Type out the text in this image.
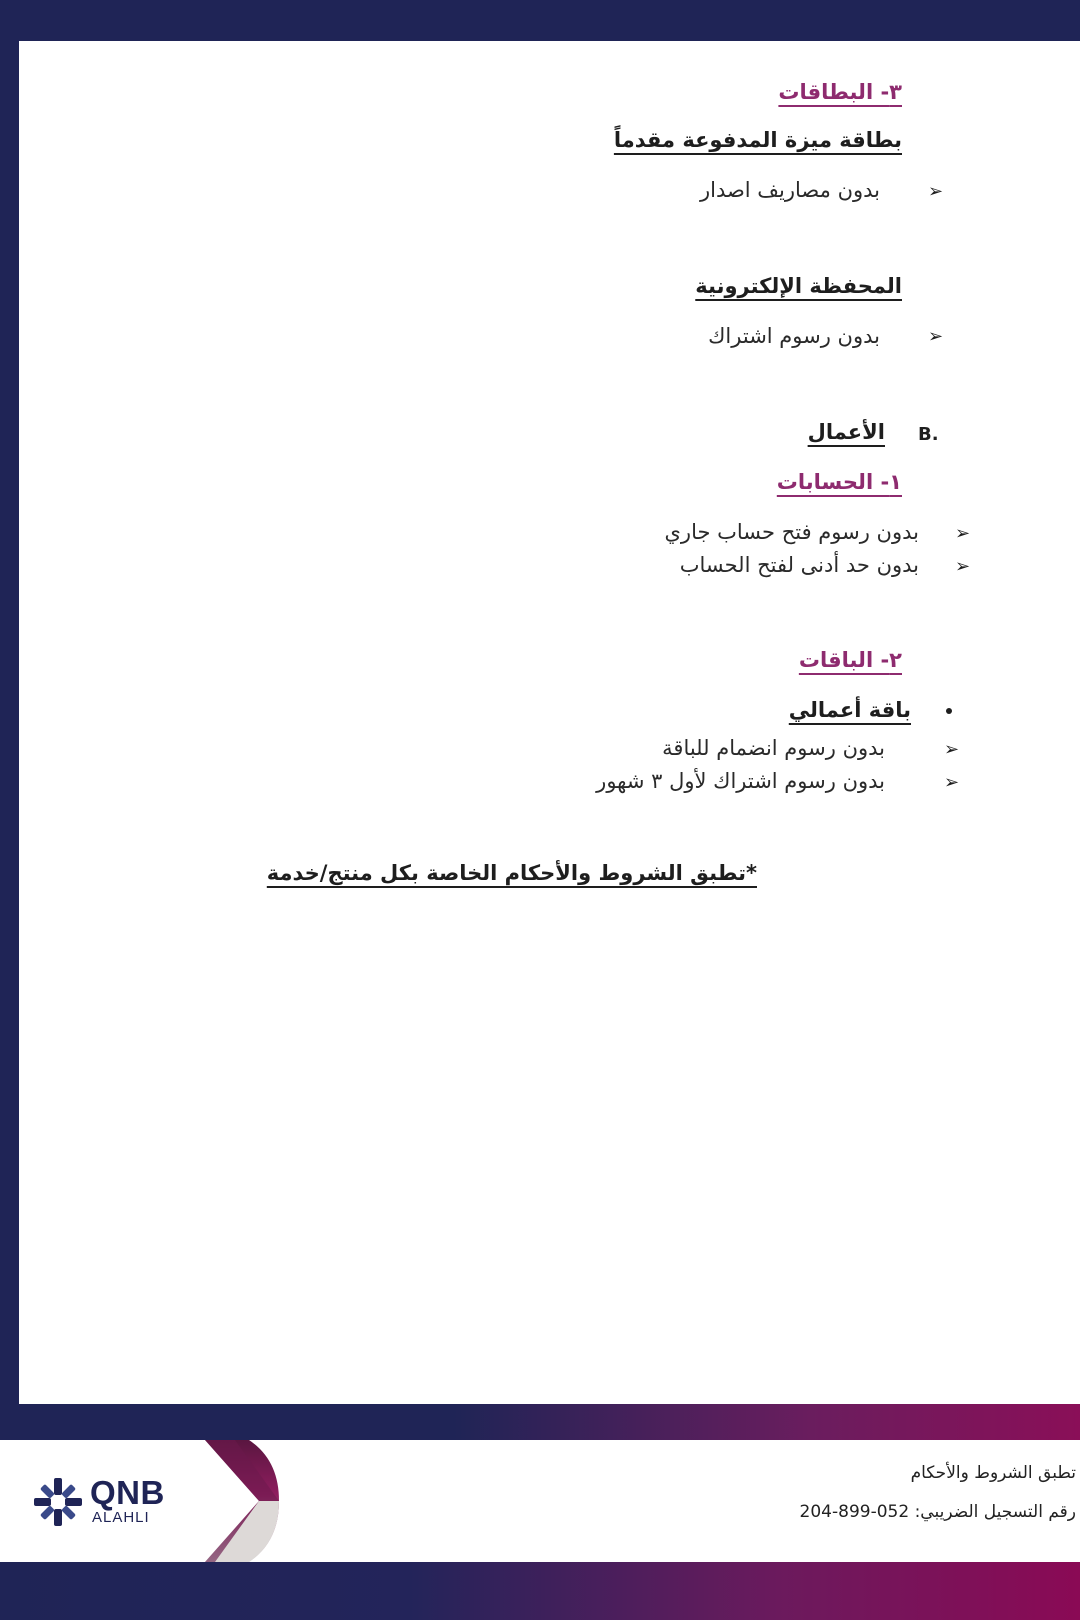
٣- البطاقات
بطاقة ميزة المدفوعة مقدماً
➢
بدون مصاريف اصدار
المحفظة الإلكترونية
➢
بدون رسوم اشتراك
B.
الأعمال
١- الحسابات
➢
بدون رسوم فتح حساب جاري
➢
بدون حد أدنى لفتح الحساب
٢- الباقات
باقة أعمالي
➢
بدون رسوم انضمام للباقة
➢
بدون رسوم اشتراك لأول ٣ شهور
*تطبق الشروط والأحكام الخاصة بكل منتج/خدمة
QNB
ALAHLI
تطبق الشروط والأحكام
رقم التسجيل الضريبي: 052-899-204
